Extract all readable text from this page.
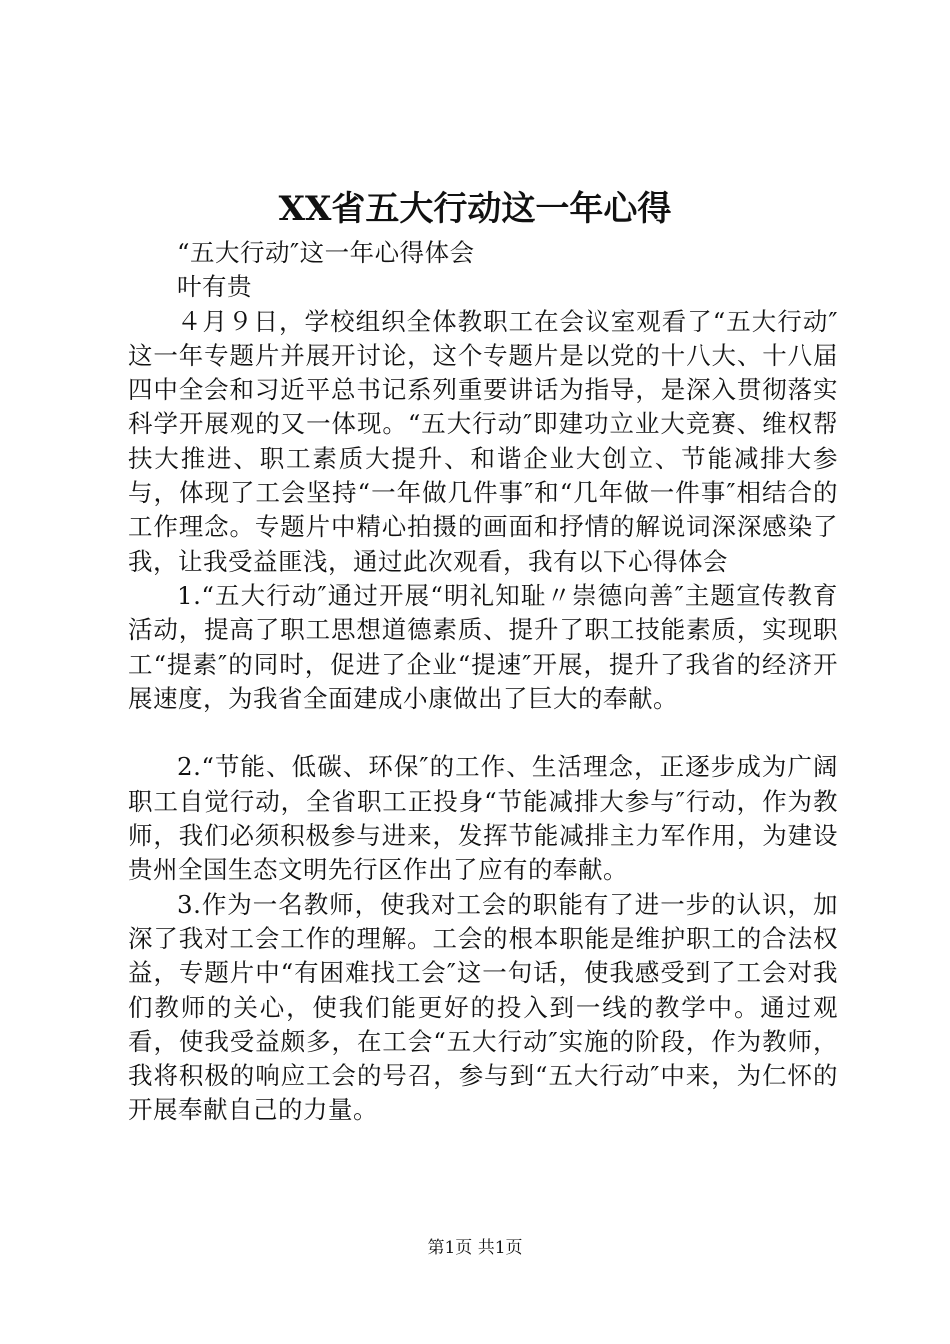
XX省五大行动这一年心得

“五大行动″这一年心得体会

叶有贵

４月９日，学校组织全体教职工在会议室观看了“五大行动″这一年专题片并展开讨论，这个专题片是以党的十八大、十八届四中全会和习近平总书记系列重要讲话为指导，是深入贯彻落实科学开展观的又一体现。“五大行动″即建功立业大竞赛、维权帮扶大推进、职工素质大提升、和谐企业大创立、节能减排大参与，体现了工会坚持“一年做几件事″和“几年做一件事″相结合的工作理念。专题片中精心拍摄的画面和抒情的解说词深深感染了我，让我受益匪浅，通过此次观看，我有以下心得体会

1.“五大行动″通过开展“明礼知耻〃崇德向善″主题宣传教育活动，提高了职工思想道德素质、提升了职工技能素质，实现职工“提素″的同时，促进了企业“提速″开展，提升了我省的经济开展速度，为我省全面建成小康做出了巨大的奉献。

2.“节能、低碳、环保″的工作、生活理念，正逐步成为广阔职工自觉行动，全省职工正投身“节能减排大参与″行动，作为教师，我们必须积极参与进来，发挥节能减排主力军作用，为建设贵州全国生态文明先行区作出了应有的奉献。

3.作为一名教师，使我对工会的职能有了进一步的认识，加深了我对工会工作的理解。工会的根本职能是维护职工的合法权益，专题片中“有困难找工会″这一句话，使我感受到了工会对我们教师的关心，使我们能更好的投入到一线的教学中。通过观看，使我受益颇多，在工会“五大行动″实施的阶段，作为教师，我将积极的响应工会的号召，参与到“五大行动″中来，为仁怀的开展奉献自己的力量。

第1页 共1页
